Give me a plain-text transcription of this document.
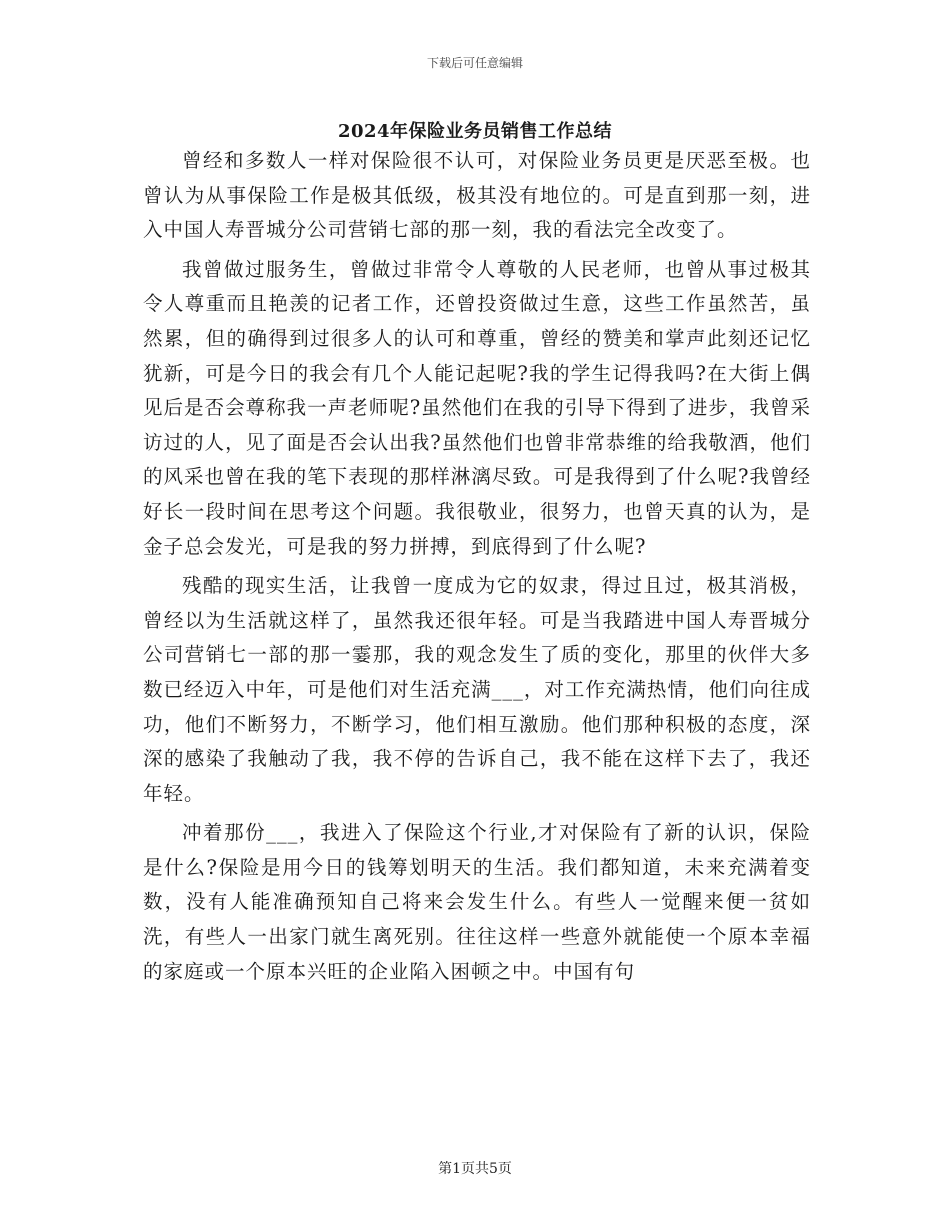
下载后可任意编辑
2024年保险业务员销售工作总结

曾经和多数人一样对保险很不认可，对保险业务员更是厌恶至极。也曾认为从事保险工作是极其低级，极其没有地位的。可是直到那一刻，进入中国人寿晋城分公司营销七部的那一刻，我的看法完全改变了。

我曾做过服务生，曾做过非常令人尊敬的人民老师，也曾从事过极其令人尊重而且艳羡的记者工作，还曾投资做过生意，这些工作虽然苦，虽然累，但的确得到过很多人的认可和尊重，曾经的赞美和掌声此刻还记忆犹新，可是今日的我会有几个人能记起呢?我的学生记得我吗?在大街上偶见后是否会尊称我一声老师呢?虽然他们在我的引导下得到了进步，我曾采访过的人，见了面是否会认出我?虽然他们也曾非常恭维的给我敬酒，他们的风采也曾在我的笔下表现的那样淋漓尽致。可是我得到了什么呢?我曾经好长一段时间在思考这个问题。我很敬业，很努力，也曾天真的认为，是金子总会发光，可是我的努力拼搏，到底得到了什么呢?

残酷的现实生活，让我曾一度成为它的奴隶，得过且过，极其消极，曾经以为生活就这样了，虽然我还很年轻。可是当我踏进中国人寿晋城分公司营销七一部的那一霎那，我的观念发生了质的变化，那里的伙伴大多数已经迈入中年，可是他们对生活充满___，对工作充满热情，他们向往成功，他们不断努力，不断学习，他们相互激励。他们那种积极的态度，深深的感染了我触动了我，我不停的告诉自己，我不能在这样下去了，我还年轻。

冲着那份___，我进入了保险这个行业,才对保险有了新的认识，保险是什么?保险是用今日的钱筹划明天的生活。我们都知道，未来充满着变数，没有人能准确预知自己将来会发生什么。有些人一觉醒来便一贫如洗，有些人一出家门就生离死别。往往这样一些意外就能使一个原本幸福的家庭或一个原本兴旺的企业陷入困顿之中。中国有句

第1页共5页
